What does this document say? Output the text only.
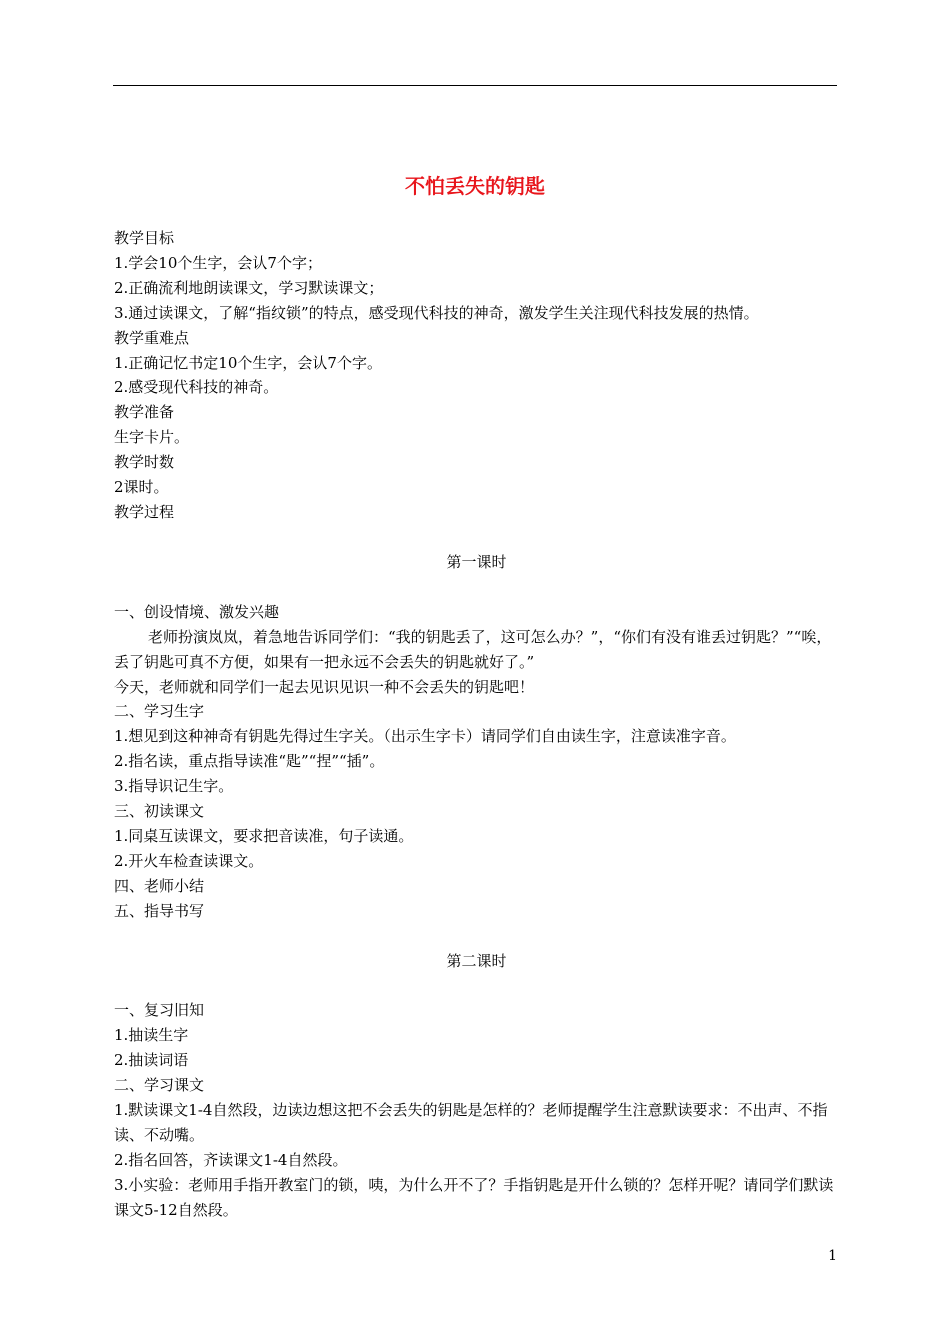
不怕丢失的钥匙
教学目标
1.学会10个生字，会认7个字；
2.正确流利地朗读课文，学习默读课文；
3.通过读课文，了解“指纹锁”的特点，感受现代科技的神奇，激发学生关注现代科技发展的热情。
教学重难点
1.正确记忆书定10个生字，会认7个字。
2.感受现代科技的神奇。
教学准备
生字卡片。
教学时数
2课时。
教学过程
第一课时
一、创设情境、激发兴趣
老师扮演岚岚，着急地告诉同学们：“我的钥匙丢了，这可怎么办？”，“你们有没有谁丢过钥匙？”“唉，丢了钥匙可真不方便，如果有一把永远不会丢失的钥匙就好了。”
今天，老师就和同学们一起去见识见识一种不会丢失的钥匙吧！
二、学习生字
1.想见到这种神奇有钥匙先得过生字关。（出示生字卡）请同学们自由读生字，注意读准字音。
2.指名读，重点指导读准“匙”“捏”“插”。
3.指导识记生字。
三、初读课文
1.同桌互读课文，要求把音读准，句子读通。
2.开火车检查读课文。
四、老师小结
五、指导书写
第二课时
一、复习旧知
1.抽读生字
2.抽读词语
二、学习课文
1.默读课文1-4自然段，边读边想这把不会丢失的钥匙是怎样的？老师提醒学生注意默读要求：不出声、不指读、不动嘴。
2.指名回答，齐读课文1-4自然段。
3.小实验：老师用手指开教室门的锁，咦，为什么开不了？手指钥匙是开什么锁的？怎样开呢？请同学们默读课文5-12自然段。
1
